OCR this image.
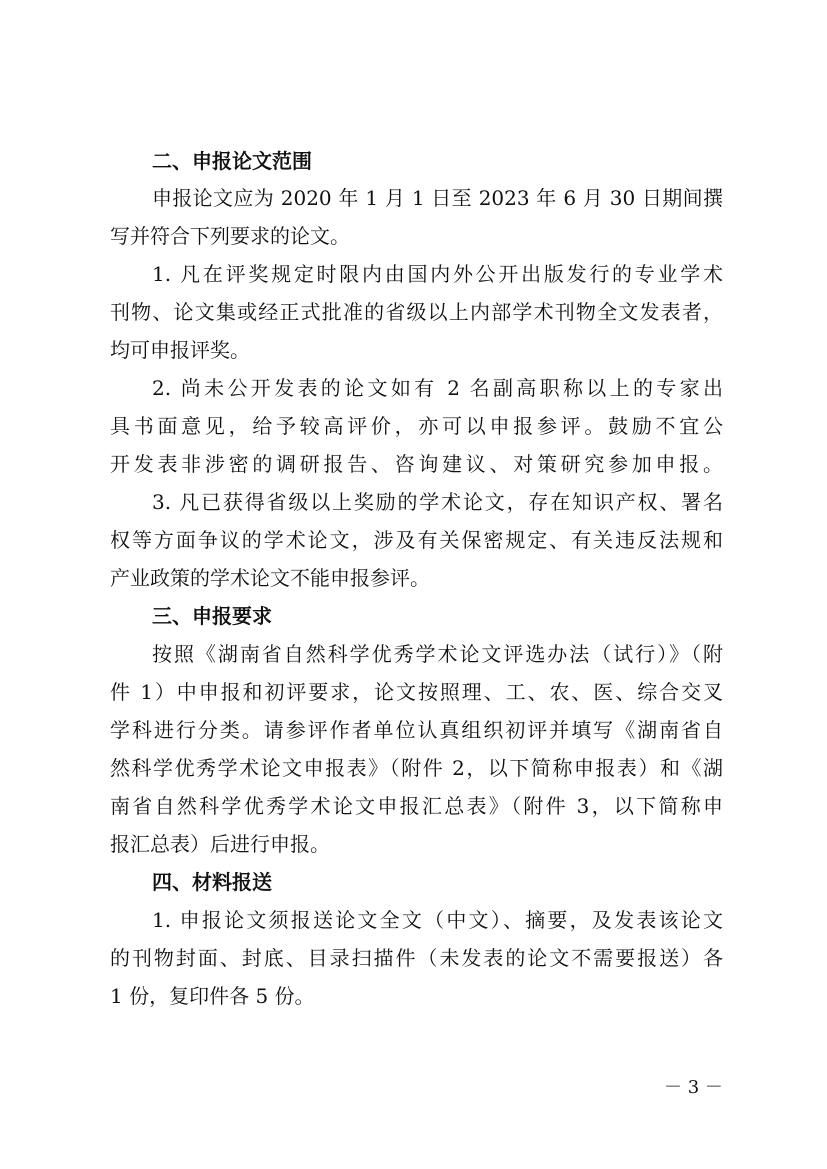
二、申报论文范围
申报论文应为 2020 年 1 月 1 日至 2023 年 6 月 30 日期间撰
写并符合下列要求的论文。
1. 凡在评奖规定时限内由国内外公开出版发行的专业学术
刊物、论文集或经正式批准的省级以上内部学术刊物全文发表者，
均可申报评奖。
2. 尚未公开发表的论文如有 2 名副高职称以上的专家出
具书面意见，给予较高评价，亦可以申报参评。鼓励不宜公
开发表非涉密的调研报告、咨询建议、对策研究参加申报。
3. 凡已获得省级以上奖励的学术论文，存在知识产权、署名
权等方面争议的学术论文，涉及有关保密规定、有关违反法规和
产业政策的学术论文不能申报参评。
三、申报要求
按照《湖南省自然科学优秀学术论文评选办法（试行）》（附
件 1）中申报和初评要求，论文按照理、工、农、医、综合交叉
学科进行分类。请参评作者单位认真组织初评并填写《湖南省自
然科学优秀学术论文申报表》（附件 2，以下简称申报表）和《湖
南省自然科学优秀学术论文申报汇总表》（附件 3，以下简称申
报汇总表）后进行申报。
四、材料报送
1. 申报论文须报送论文全文（中文）、摘要，及发表该论文
的刊物封面、封底、目录扫描件（未发表的论文不需要报送）各
1 份，复印件各 5 份。
－ 3 －
